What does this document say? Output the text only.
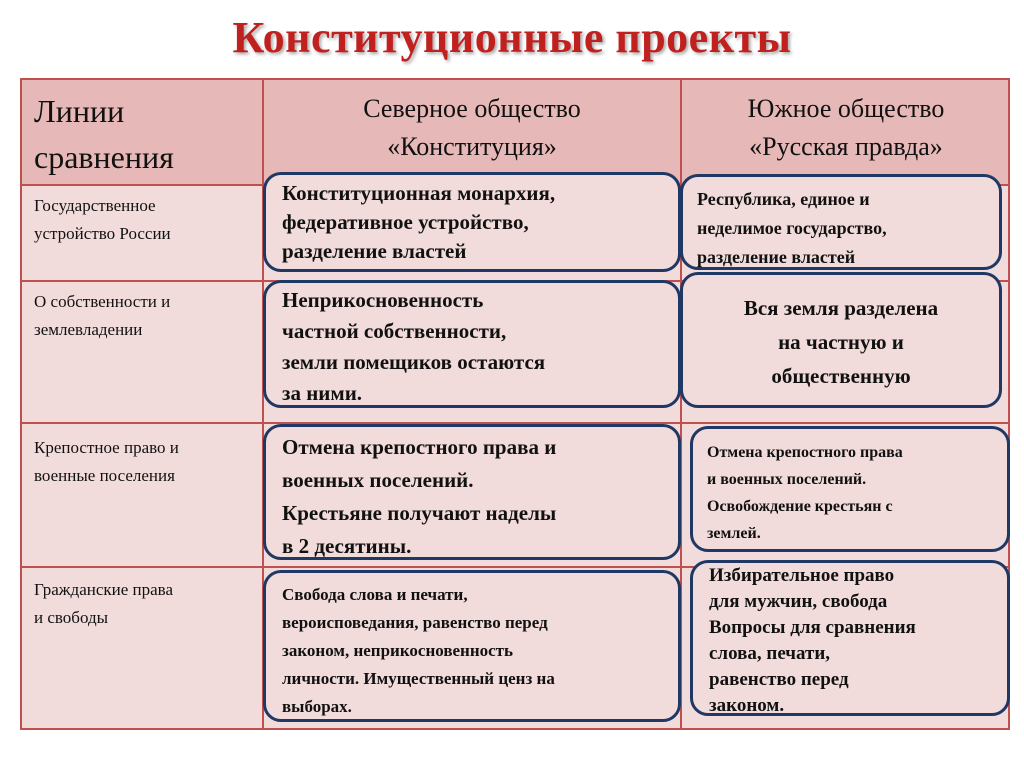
Конституционные проекты
Линии
сравнения
Северное общество
«Конституция»
Южное общество
«Русская правда»
Государственное
устройство России
О собственности и
землевладении
Крепостное право и
военные поселения
Гражданские права
и свободы

Конституционная монархия,

федеративное устройство,

разделение властей

Неприкосновенность

частной собственности,

земли помещиков остаются

за ними.

Отмена крепостного права и

военных поселений.

Крестьяне получают наделы

в 2 десятины.

Свобода слова и печати,

вероисповедания, равенство перед

законом, неприкосновенность

личности. Имущественный ценз на

выборах.

Республика, единое и

неделимое государство,

разделение властей

Вся земля разделена

на частную и

общественную

Отмена крепостного права

и военных поселений.

Освобождение крестьян с

землей.

Избирательное право

для мужчин, свобода

Вопросы для сравнения

слова, печати,

равенство перед

законом.
